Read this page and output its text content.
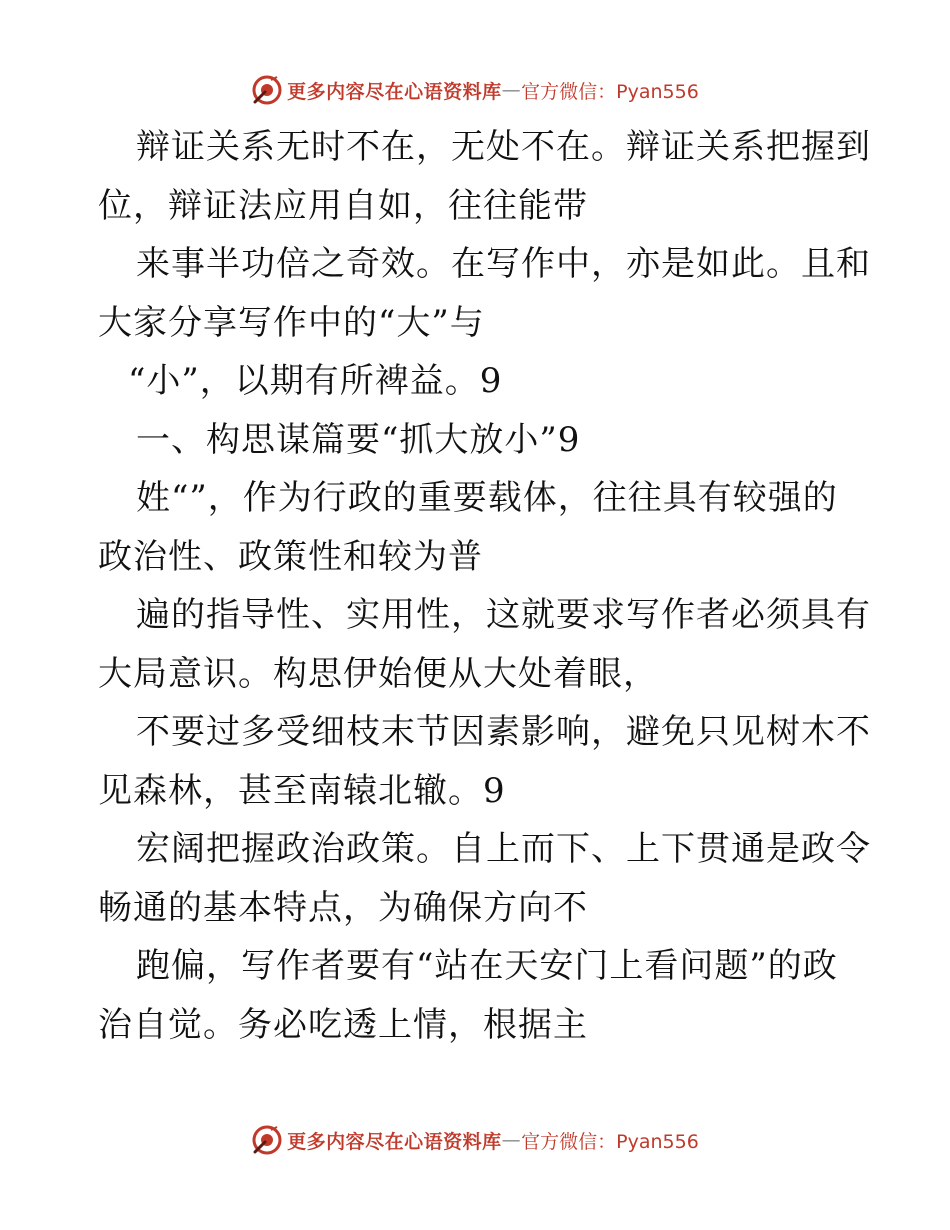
更多内容尽在心语资料库 — 官方微信：Pyan556
辩证关系无时不在，无处不在。辩证关系把握到
位，辩证法应用自如，往往能带
来事半功倍之奇效。在写作中，亦是如此。且和
大家分享写作中的“大”与
“小”，以期有所裨益。9
一、构思谋篇要“抓大放小”9
姓“”，作为行政的重要载体，往往具有较强的
政治性、政策性和较为普
遍的指导性、实用性，这就要求写作者必须具有
大局意识。构思伊始便从大处着眼，
不要过多受细枝末节因素影响，避免只见树木不
见森林，甚至南辕北辙。9
宏阔把握政治政策。自上而下、上下贯通是政令
畅通的基本特点，为确保方向不
跑偏，写作者要有“站在天安门上看问题”的政
治自觉。务必吃透上情，根据主
更多内容尽在心语资料库 — 官方微信：Pyan556
